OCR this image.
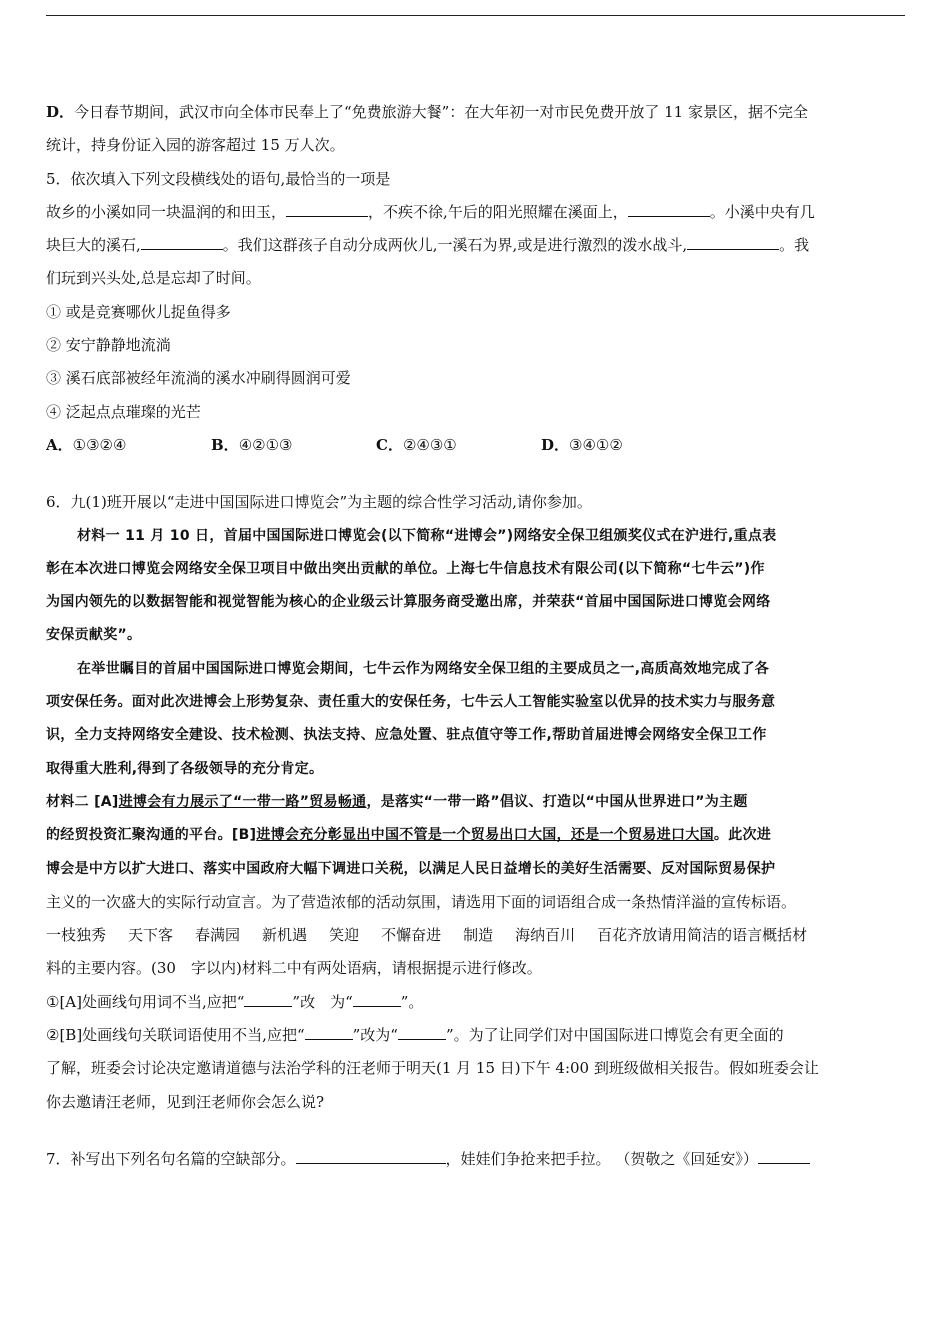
D．今日春节期间，武汉市向全体市民奉上了“免费旅游大餐”：在大年初一对市民免费开放了 11 家景区，据不完全
统计，持身份证入园的游客超过 15 万人次。
5．依次填入下列文段横线处的语句,最恰当的一项是
故乡的小溪如同一块温润的和田玉，	，不疾不徐,午后的阳光照耀在溪面上，	。小溪中央有几
块巨大的溪石,	。我们这群孩子自动分成两伙儿,一溪石为界,或是进行激烈的泼水战斗,	。我
们玩到兴头处,总是忘却了时间。
① 或是竞赛哪伙儿捉鱼得多
② 安宁静静地流淌
③ 溪石底部被经年流淌的溪水冲刷得圆润可爱
④ 泛起点点璀璨的光芒
A．①③②④	B．④②①③	C．②④③①	D．③④①②
6．九(1)班开展以“走进中国国际进口博览会”为主题的综合性学习活动,请你参加。
材料一 11 月 10 日，首届中国国际进口博览会(以下简称“进博会”)网络安全保卫组颁奖仪式在沪进行,重点表
彰在本次进口博览会网络安全保卫项目中做出突出贡献的单位。上海七牛信息技术有限公司(以下简称“七牛云”)作
为国内领先的以数据智能和视觉智能为核心的企业级云计算服务商受邀出席，并荣获“首届中国国际进口博览会网络
安保贡献奖”。
在举世瞩目的首届中国国际进口博览会期间，七牛云作为网络安全保卫组的主要成员之一,高质高效地完成了各
项安保任务。面对此次进博会上形势复杂、责任重大的安保任务，七牛云人工智能实验室以优异的技术实力与服务意
识，全力支持网络安全建设、技术检测、执法支持、应急处置、驻点值守等工作,帮助首届进博会网络安全保卫工作
取得重大胜利,得到了各级领导的充分肯定。
材料二 [A]进博会有力展示了“一带一路”贸易畅通，是落实“一带一路”倡议、打造以“中国从世界进口”为主题
的经贸投资汇聚沟通的平台。[B]进博会充分彰显出中国不管是一个贸易出口大国，还是一个贸易进口大国。此次进
博会是中方以扩大进口、落实中国政府大幅下调进口关税，以满足人民日益增长的美好生活需要、反对国际贸易保护
主义的一次盛大的实际行动宣言。为了营造浓郁的活动氛围，请选用下面的词语组合成一条热情洋溢的宣传标语。
一枝独秀 天下客 春满园 新机遇 笑迎 不懈奋进 制造 海纳百川 百花齐放请用简洁的语言概括材
料的主要内容。(30　字以内)材料二中有两处语病，请根据提示进行修改。
①[A]处画线句用词不当,应把“	”改　为“	”。
②[B]处画线句关联词语使用不当,应把“	”改为“	”。为了让同学们对中国国际进口博览会有更全面的
了解，班委会讨论决定邀请道德与法治学科的汪老师于明天(1 月 15 日)下午 4:00 到班级做相关报告。假如班委会让
你去邀请汪老师，见到汪老师你会怎么说?
7．补写出下列名句名篇的空缺部分。	，娃娃们争抢来把手拉。 （贺敬之《回延安》）
